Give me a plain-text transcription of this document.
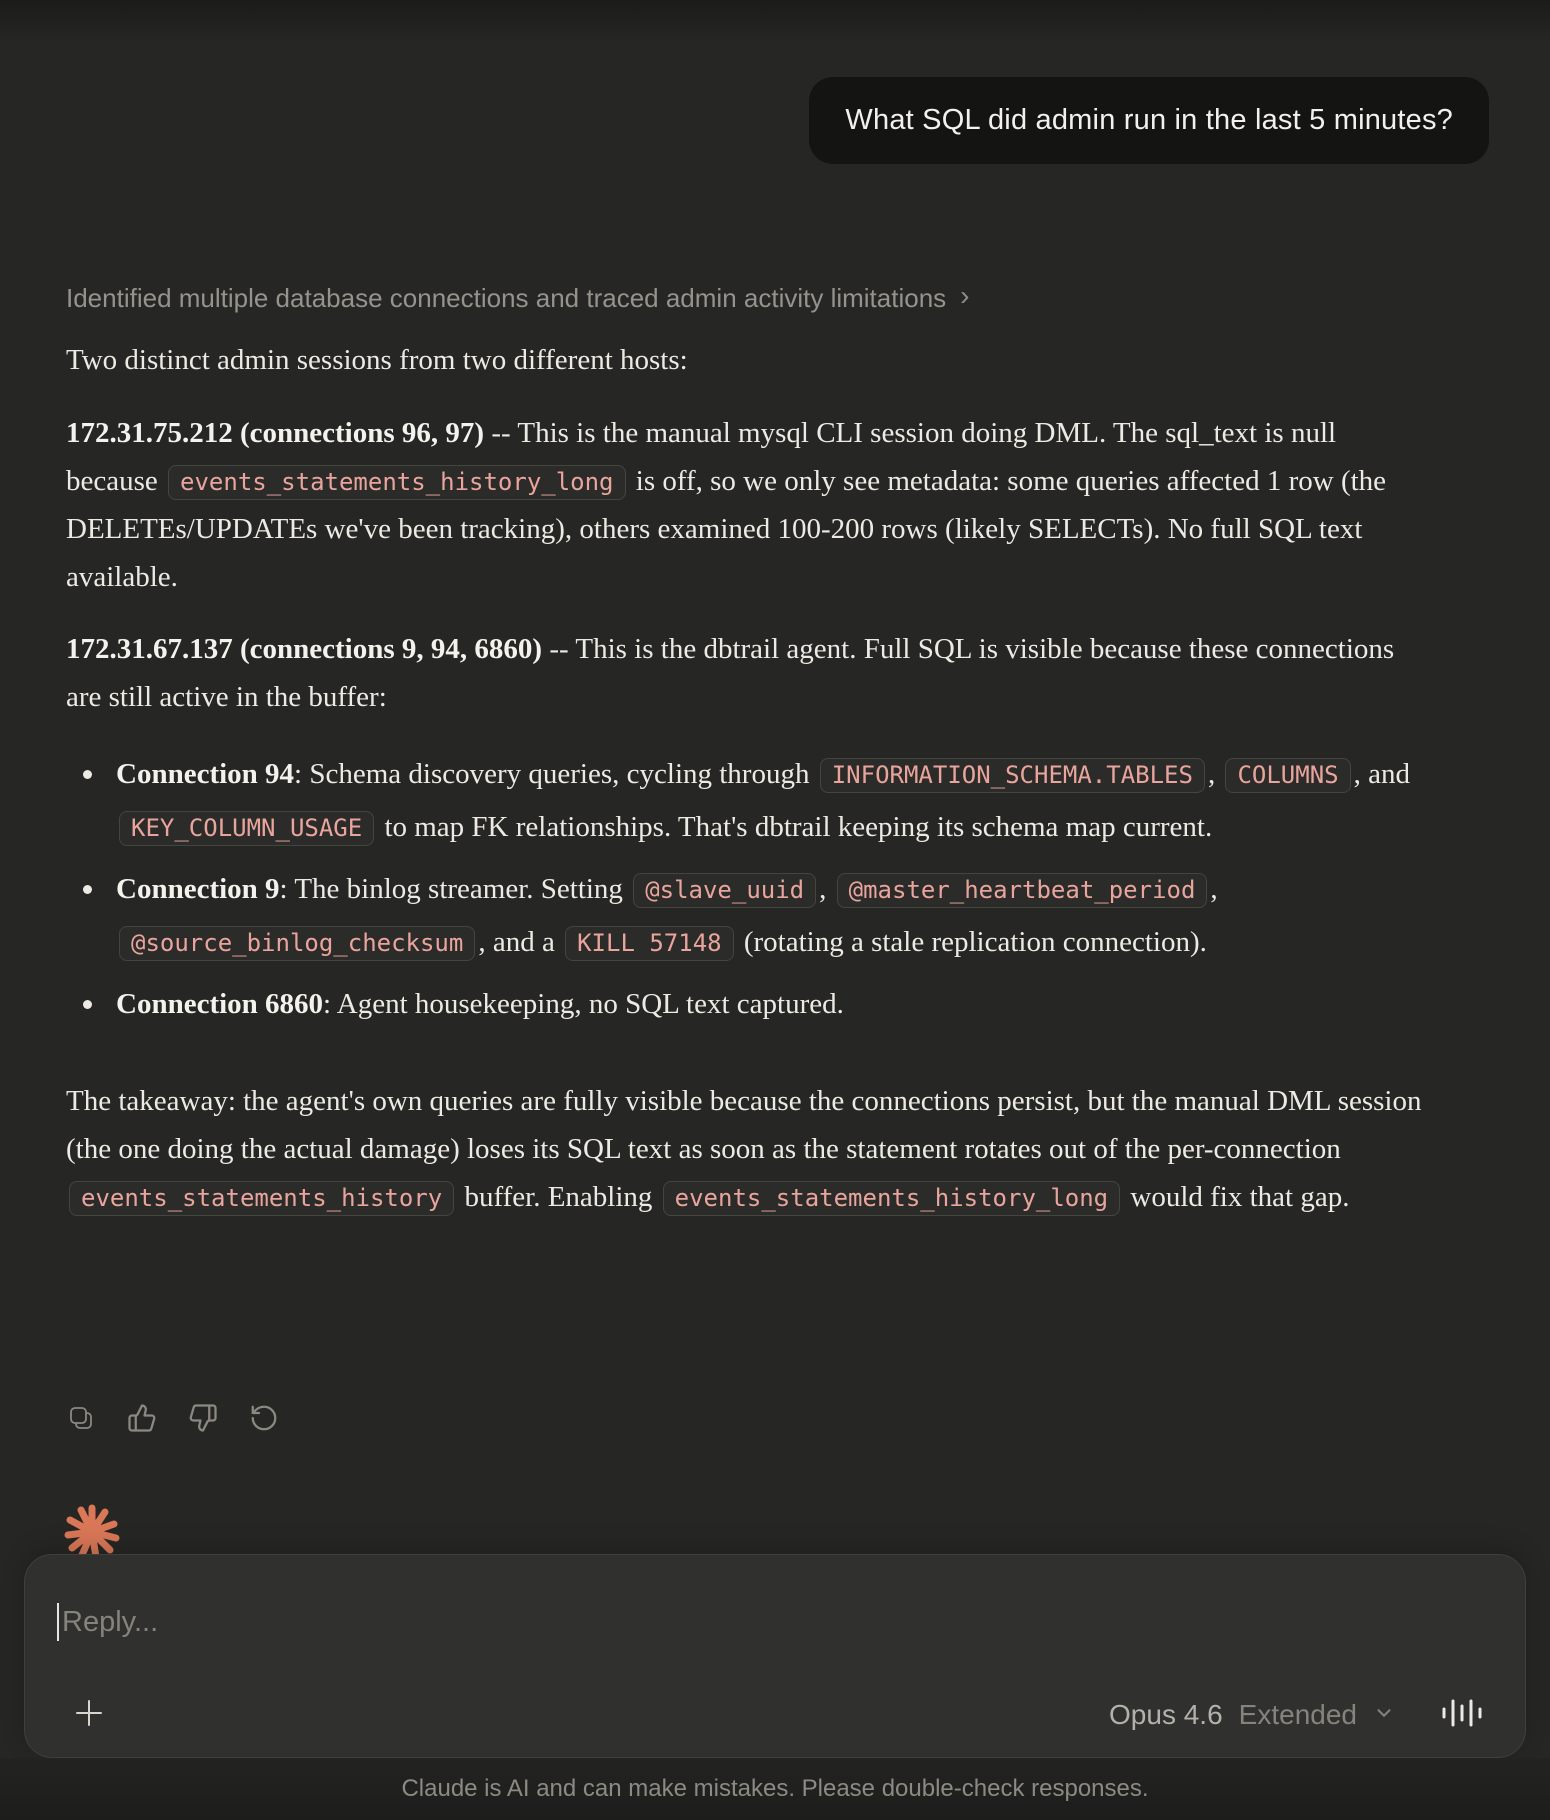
What SQL did admin run in the last 5 minutes?
Identified multiple database connections and traced admin activity limitations ›
Two distinct admin sessions from two different hosts:

172.31.75.212 (connections 96, 97) -- This is the manual mysql CLI session doing DML. The sql_text is null because events_statements_history_long is off, so we only see metadata: some queries affected 1 row (the DELETEs/UPDATEs we've been tracking), others examined 100-200 rows (likely SELECTs). No full SQL text available.

172.31.67.137 (connections 9, 94, 6860) -- This is the dbtrail agent. Full SQL is visible because these connections are still active in the buffer:

Connection 94: Schema discovery queries, cycling through INFORMATION_SCHEMA.TABLES , COLUMNS , and KEY_COLUMN_USAGE to map FK relationships. That's dbtrail keeping its schema map current.
Connection 9: The binlog streamer. Setting @slave_uuid , @master_heartbeat_period , @source_binlog_checksum , and a KILL 57148 (rotating a stale replication connection).
Connection 6860: Agent housekeeping, no SQL text captured.
The takeaway: the agent's own queries are fully visible because the connections persist, but the manual DML session (the one doing the actual damage) loses its SQL text as soon as the statement rotates out of the per-connection events_statements_history buffer. Enabling events_statements_history_long would fix that gap.
Reply...
Opus 4.6 Extended
Claude is AI and can make mistakes. Please double-check responses.
